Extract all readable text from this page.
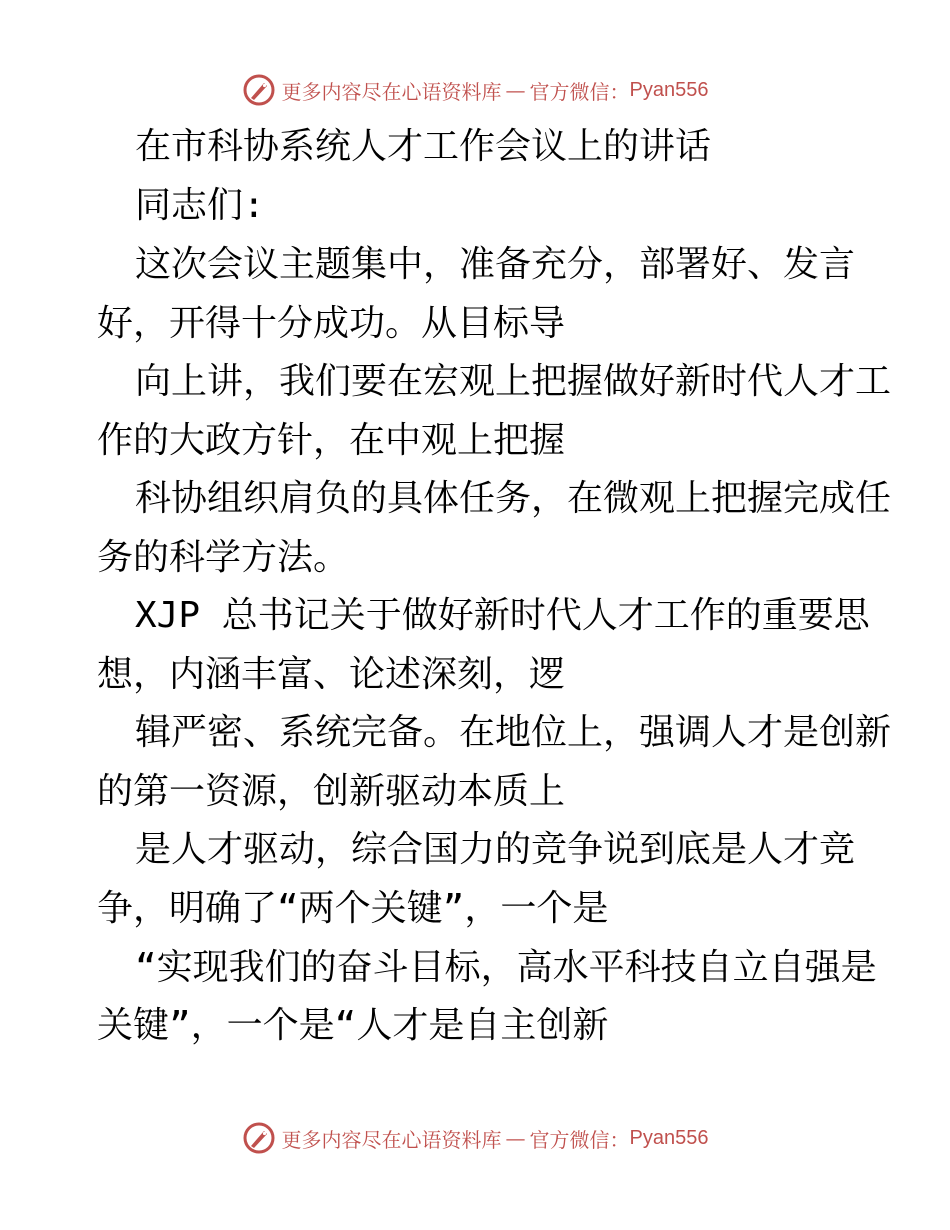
更多内容尽在心语资料库 — 官方微信： Pyan556
在市科协系统人才工作会议上的讲话
同志们:
这次会议主题集中，准备充分，部署好、发言
好，开得十分成功。从目标导
向上讲，我们要在宏观上把握做好新时代人才工
作的大政方针，在中观上把握
科协组织肩负的具体任务，在微观上把握完成任
务的科学方法。
XJP 总书记关于做好新时代人才工作的重要思
想，内涵丰富、论述深刻，逻
辑严密、系统完备。在地位上，强调人才是创新
的第一资源，创新驱动本质上
是人才驱动，综合国力的竞争说到底是人才竞
争，明确了“两个关键”，一个是
“实现我们的奋斗目标，高水平科技自立自强是
关键”，一个是“人才是自主创新
更多内容尽在心语资料库 — 官方微信： Pyan556
